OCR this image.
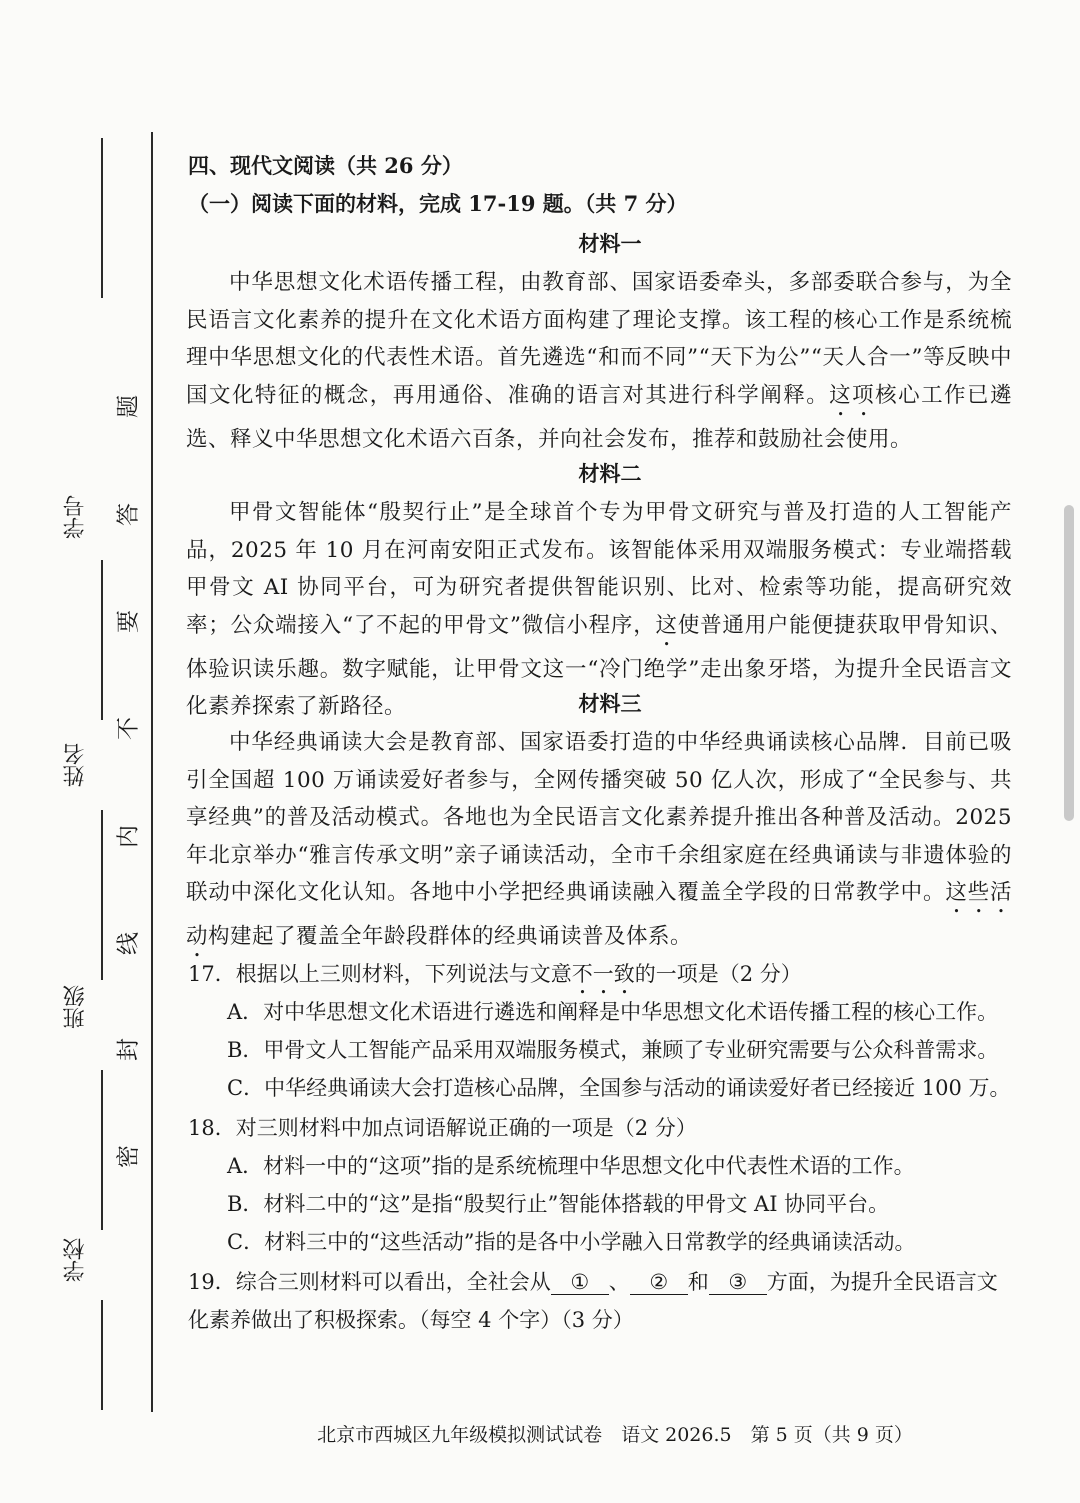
学号
姓名
班级
学校
题
答
要
不
内
线
封
密
四、现代文阅读（共 26 分）
（一）阅读下面的材料，完成 17-19 题。（共 7 分）
材料一
中华思想文化术语传播工程，由教育部、国家语委牵头，多部委联合参与，为全民语言文化素养的提升在文化术语方面构建了理论支撑。该工程的核心工作是系统梳理中华思想文化的代表性术语。首先遴选“和而不同”“天下为公”“天人合一”等反映中国文化特征的概念，再用通俗、准确的语言对其进行科学阐释。这项核心工作已遴选、释义中华思想文化术语六百条，并向社会发布，推荐和鼓励社会使用。
材料二
甲骨文智能体“殷契行止”是全球首个专为甲骨文研究与普及打造的人工智能产品，2025 年 10 月在河南安阳正式发布。该智能体采用双端服务模式：专业端搭载甲骨文 AI 协同平台，可为研究者提供智能识别、比对、检索等功能，提高研究效率；公众端接入“了不起的甲骨文”微信小程序，这使普通用户能便捷获取甲骨知识、体验识读乐趣。数字赋能，让甲骨文这一“冷门绝学”走出象牙塔，为提升全民语言文化素养探索了新路径。	材料三
中华经典诵读大会是教育部、国家语委打造的中华经典诵读核心品牌．目前已吸引全国超 100 万诵读爱好者参与，全网传播突破 50 亿人次，形成了“全民参与、共享经典”的普及活动模式。各地也为全民语言文化素养提升推出各种普及活动。2025 年北京举办“雅言传承文明”亲子诵读活动，全市千余组家庭在经典诵读与非遗体验的联动中深化文化认知。各地中小学把经典诵读融入覆盖全学段的日常教学中。这些活动构建起了覆盖全年龄段群体的经典诵读普及体系。
17．根据以上三则材料，下列说法与文意不一致的一项是（2 分）
A．对中华思想文化术语进行遴选和阐释是中华思想文化术语传播工程的核心工作。
B．甲骨文人工智能产品采用双端服务模式，兼顾了专业研究需要与公众科普需求。
C．中华经典诵读大会打造核心品牌，全国参与活动的诵读爱好者已经接近 100 万。
18．对三则材料中加点词语解说正确的一项是（2 分）
A．材料一中的“这项”指的是系统梳理中华思想文化中代表性术语的工作。
B．材料二中的“这”是指“殷契行止”智能体搭载的甲骨文 AI 协同平台。
C．材料三中的“这些活动”指的是各中小学融入日常教学的经典诵读活动。
19．综合三则材料可以看出，全社会从 ① 、 ② 和 ③ 方面，为提升全民语言文
化素养做出了积极探索。（每空 4 个字）（3 分）
北京市西城区九年级模拟测试试卷　语文 2026.5　第 5 页（共 9 页）
